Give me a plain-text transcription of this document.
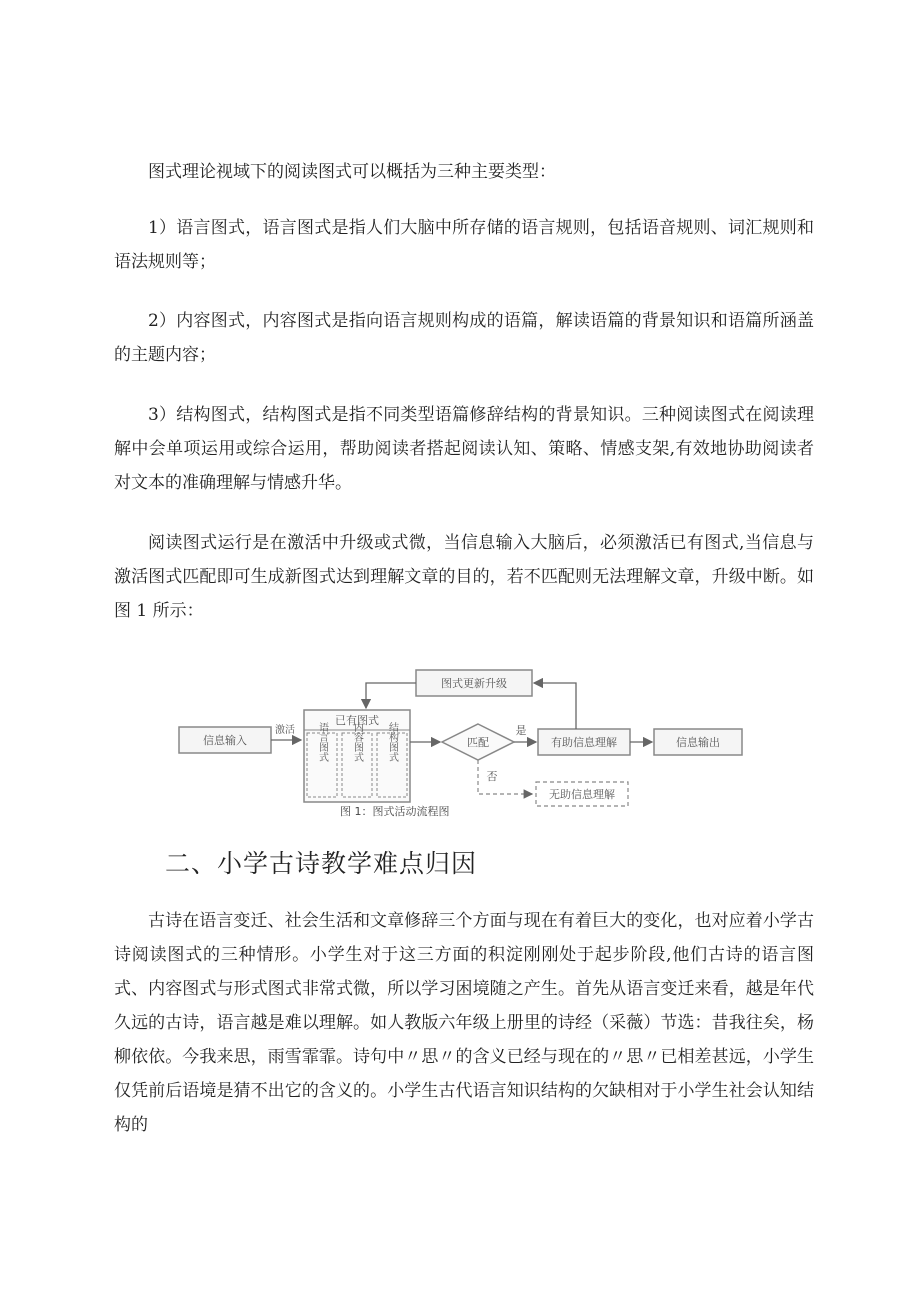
图式理论视域下的阅读图式可以概括为三种主要类型：

1）语言图式，语言图式是指人们大脑中所存储的语言规则，包括语音规则、词汇规则和语法规则等；

2）内容图式，内容图式是指向语言规则构成的语篇，解读语篇的背景知识和语篇所涵盖的主题内容；

3）结构图式，结构图式是指不同类型语篇修辞结构的背景知识。三种阅读图式在阅读理解中会单项运用或综合运用，帮助阅读者搭起阅读认知、策略、情感支架,有效地协助阅读者对文本的准确理解与情感升华。

阅读图式运行是在激活中升级或式微，当信息输入大脑后，必须激活已有图式,当信息与激活图式匹配即可生成新图式达到理解文章的目的，若不匹配则无法理解文章，升级中断。如图 1 所示：

信息输入
激活
已有图式
语言图式 内容图式 结构图式	匹配
是
有助信息理解	信息输出
图式更新升级
否
无助信息理解
图 1：图式活动流程图
二、小学古诗教学难点归因

古诗在语言变迁、社会生活和文章修辞三个方面与现在有着巨大的变化，也对应着小学古诗阅读图式的三种情形。小学生对于这三方面的积淀刚刚处于起步阶段,他们古诗的语言图式、内容图式与形式图式非常式微，所以学习困境随之产生。首先从语言变迁来看，越是年代久远的古诗，语言越是难以理解。如人教版六年级上册里的诗经（采薇）节选：昔我往矣，杨柳依依。今我来思，雨雪霏霏。诗句中〃思〃的含义已经与现在的〃思〃已相差甚远，小学生仅凭前后语境是猜不出它的含义的。小学生古代语言知识结构的欠缺相对于小学生社会认知结构的
